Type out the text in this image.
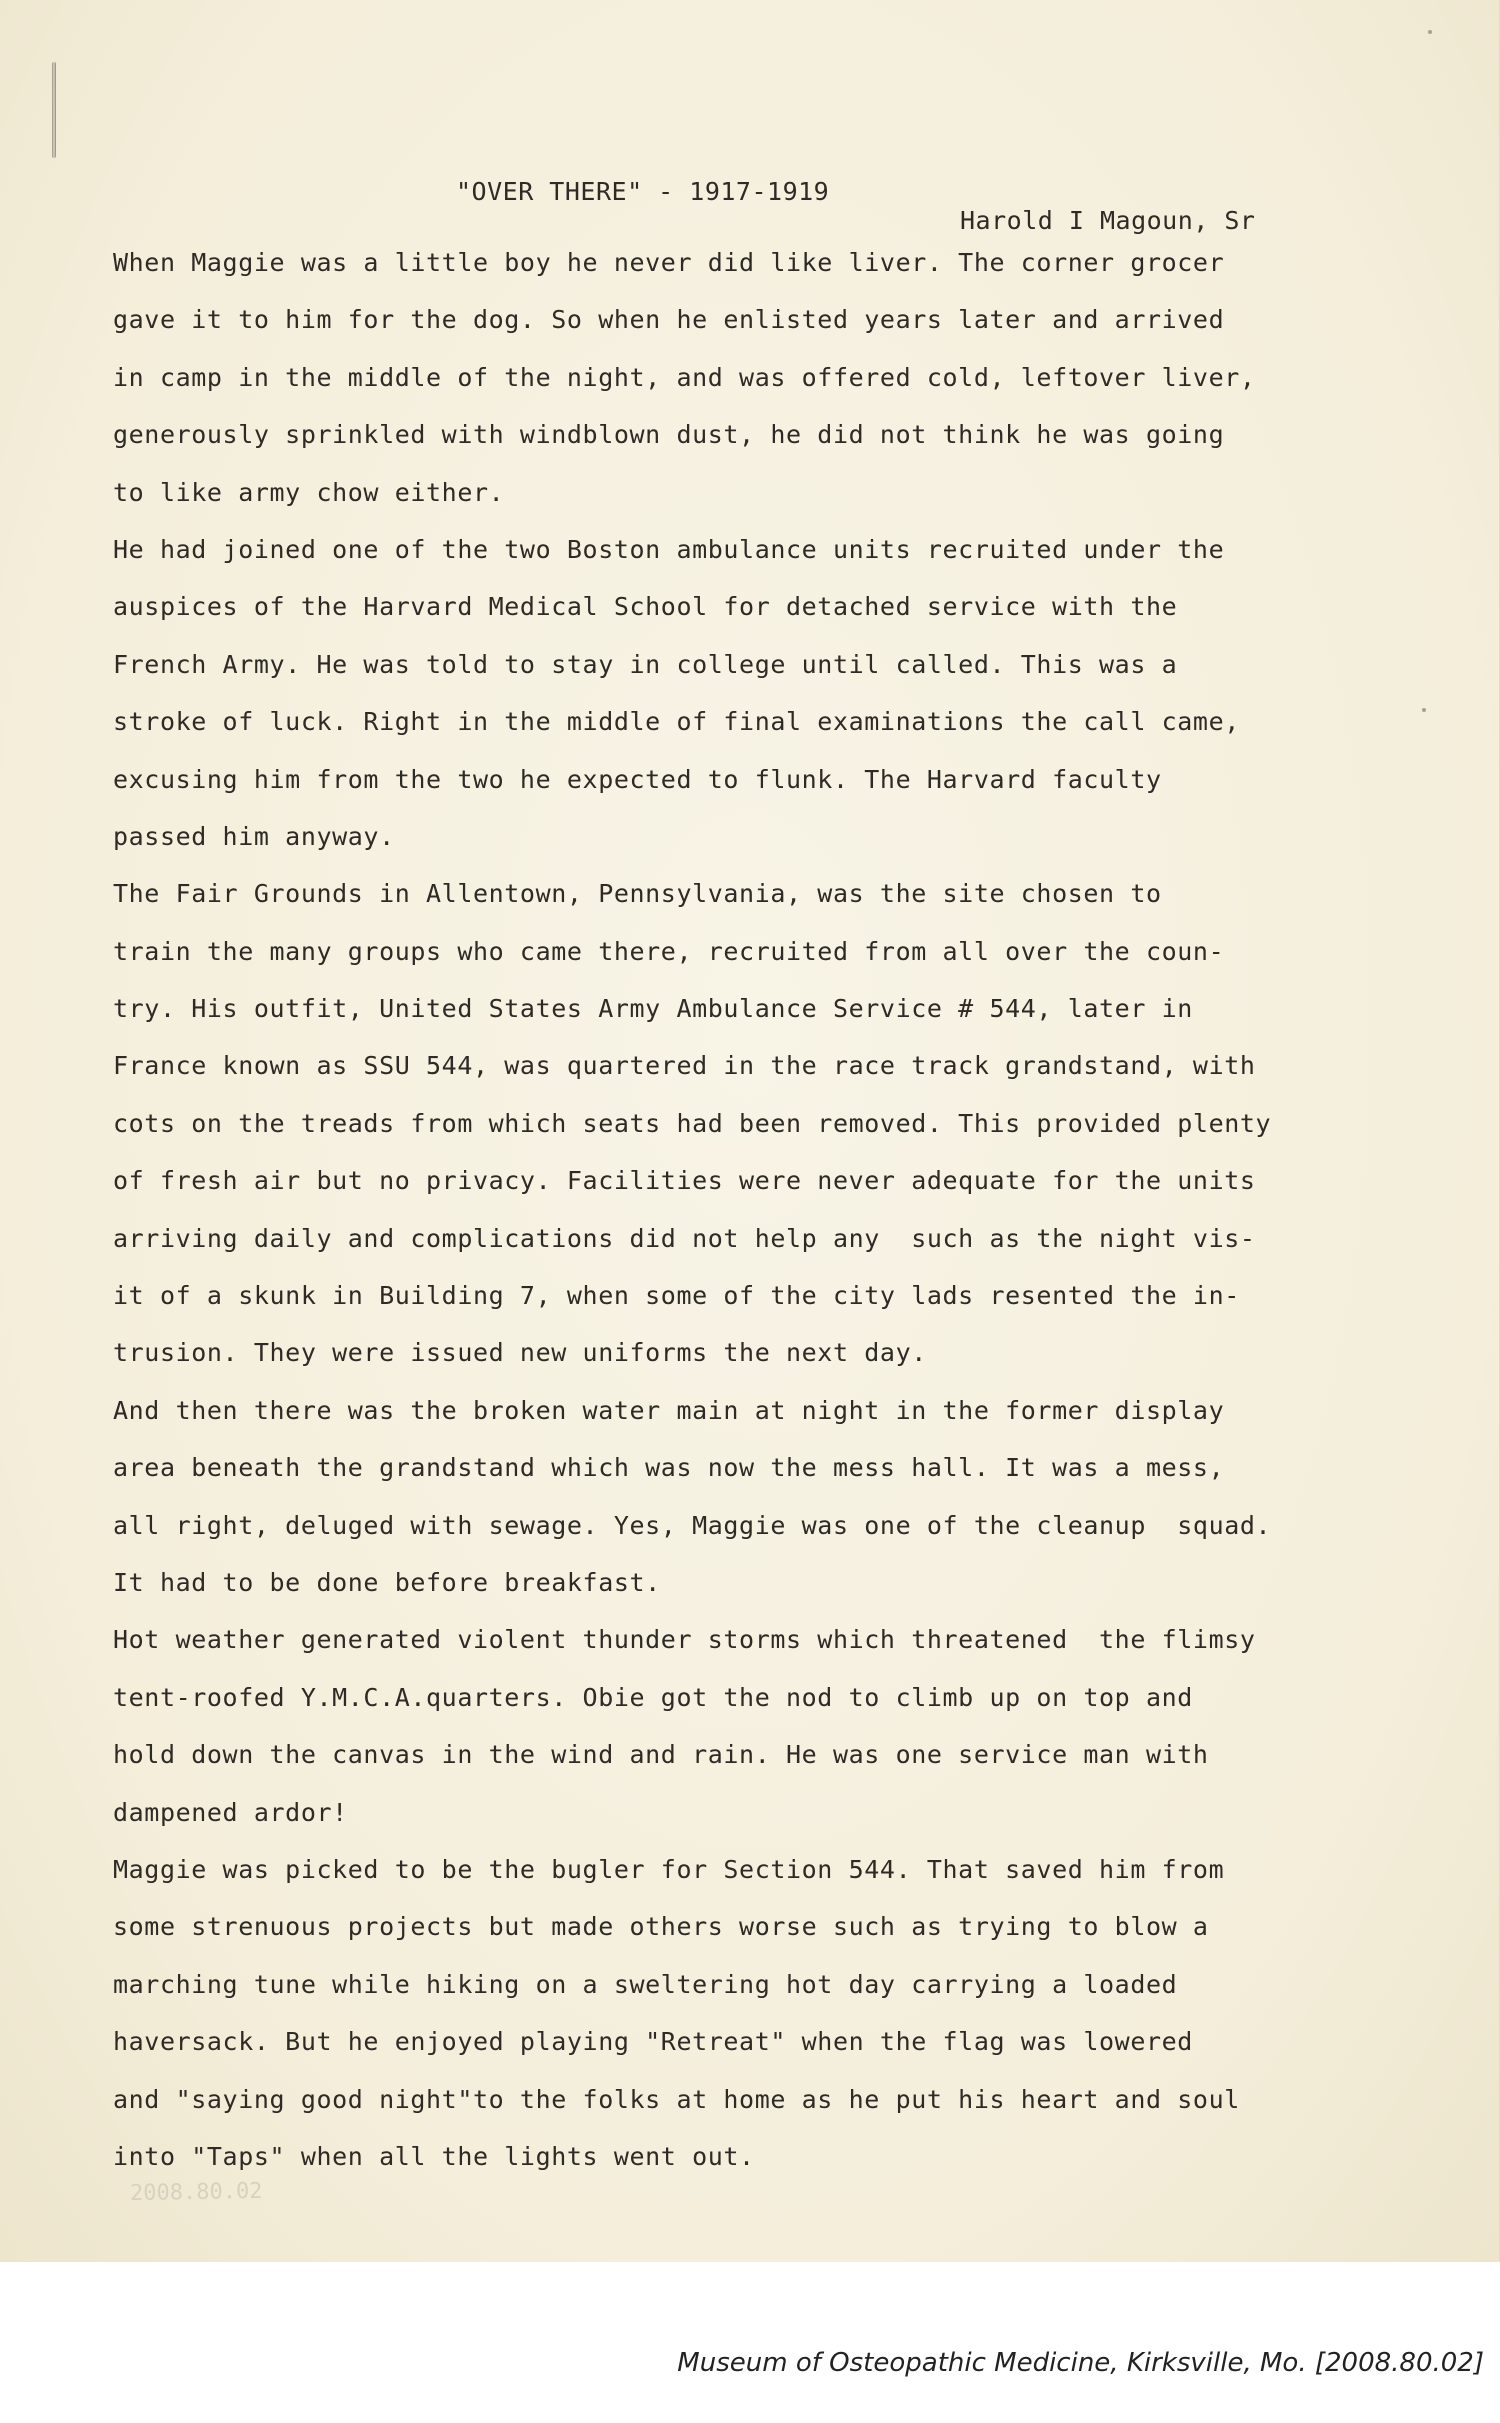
"OVER THERE" - 1917-1919
Harold I Magoun, Sr
When Maggie was a little boy he never did like liver. The corner grocer
gave it to him for the dog. So when he enlisted years later and arrived
in camp in the middle of the night, and was offered cold, leftover liver,
generously sprinkled with windblown dust, he did not think he was going
to like army chow either.
He had joined one of the two Boston ambulance units recruited under the
auspices of the Harvard Medical School for detached service with the
French Army. He was told to stay in college until called. This was a
stroke of luck. Right in the middle of final examinations the call came,
excusing him from the two he expected to flunk. The Harvard faculty
passed him anyway.
The Fair Grounds in Allentown, Pennsylvania, was the site chosen to
train the many groups who came there, recruited from all over the coun-
try. His outfit, United States Army Ambulance Service # 544, later in
France known as SSU 544, was quartered in the race track grandstand, with
cots on the treads from which seats had been removed. This provided plenty
of fresh air but no privacy. Facilities were never adequate for the units
arriving daily and complications did not help any  such as the night vis-
it of a skunk in Building 7, when some of the city lads resented the in-
trusion. They were issued new uniforms the next day.
And then there was the broken water main at night in the former display
area beneath the grandstand which was now the mess hall. It was a mess,
all right, deluged with sewage. Yes, Maggie was one of the cleanup  squad.
It had to be done before breakfast.
Hot weather generated violent thunder storms which threatened  the flimsy
tent-roofed Y.M.C.A.quarters. Obie got the nod to climb up on top and
hold down the canvas in the wind and rain. He was one service man with
dampened ardor!
Maggie was picked to be the bugler for Section 544. That saved him from
some strenuous projects but made others worse such as trying to blow a
marching tune while hiking on a sweltering hot day carrying a loaded
haversack. But he enjoyed playing "Retreat" when the flag was lowered
and "saying good night"to the folks at home as he put his heart and soul
into "Taps" when all the lights went out.
2008.80.02
Museum of Osteopathic Medicine, Kirksville, Mo. [2008.80.02]
